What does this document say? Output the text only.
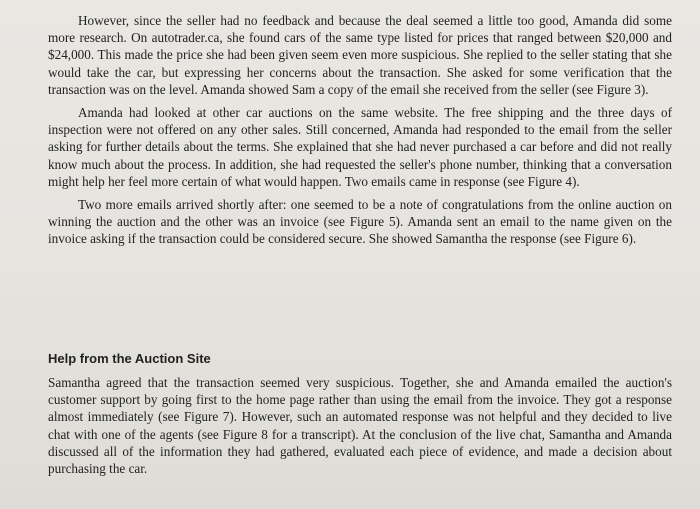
However, since the seller had no feedback and because the deal seemed a little too good, Amanda did some more research. On autotrader.ca, she found cars of the same type listed for prices that ranged between $20,000 and $24,000. This made the price she had been given seem even more suspicious. She replied to the seller stating that she would take the car, but expressing her concerns about the transaction. She asked for some verification that the transaction was on the level. Amanda showed Sam a copy of the email she received from the seller (see Figure 3).

Amanda had looked at other car auctions on the same website. The free shipping and the three days of inspection were not offered on any other sales. Still concerned, Amanda had responded to the email from the seller asking for further details about the terms. She explained that she had never purchased a car before and did not really know much about the process. In addition, she had requested the seller's phone number, thinking that a conversation might help her feel more certain of what would happen. Two emails came in response (see Figure 4).

Two more emails arrived shortly after: one seemed to be a note of congratulations from the online auction on winning the auction and the other was an invoice (see Figure 5). Amanda sent an email to the name given on the invoice asking if the transaction could be considered secure. She showed Samantha the response (see Figure 6).

Help from the Auction Site

Samantha agreed that the transaction seemed very suspicious. Together, she and Amanda emailed the auction's customer support by going first to the home page rather than using the email from the invoice. They got a response almost immediately (see Figure 7). However, such an automated response was not helpful and they decided to live chat with one of the agents (see Figure 8 for a transcript). At the conclusion of the live chat, Samantha and Amanda discussed all of the information they had gathered, evaluated each piece of evidence, and made a decision about purchasing the car.
